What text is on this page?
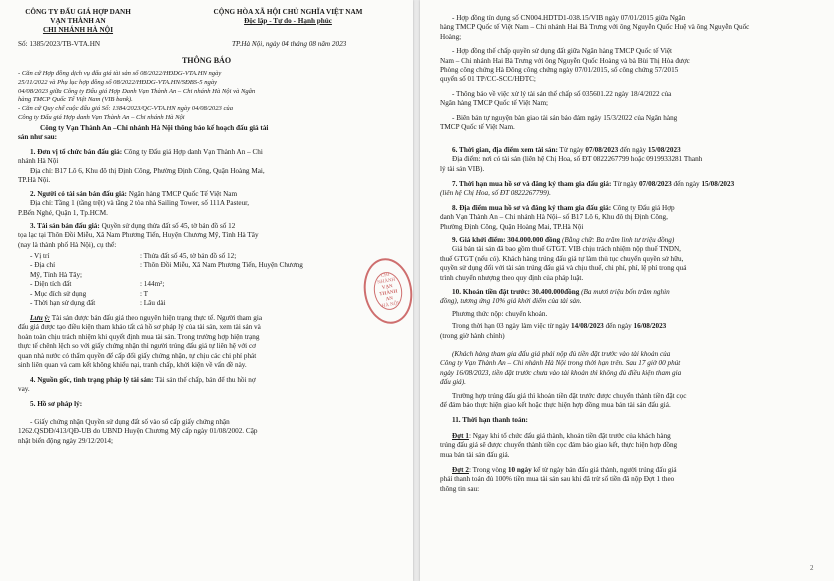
CÔNG TY ĐẤU GIÁ HỢP DANH
VẠN THÀNH AN
CHI NHÁNH HÀ NỘI
Số: 1385/2023/TB-VTA.HN
CỘNG HÒA XÃ HỘI CHỦ NGHĨA VIỆT NAM
Độc lập - Tự do - Hạnh phúc
TP.Hà Nội, ngày 04 tháng 08 năm 2023
THÔNG BÁO
- Căn cứ Hợp đồng dịch vụ đấu giá tài sản số 08/2022/HĐDG-VTA.HN ngày
25/11/2022 và Phụ lục hợp đồng số 08/2022/HĐDG-VTA.HN/SĐBS-5 ngày
04/08/2023 giữa Công ty Đấu giá Hợp Danh Vạn Thành An – Chi nhánh Hà Nội và Ngân
hàng TMCP Quốc Tế Việt Nam (VIB bank).
- Căn cứ Quy chế cuộc đấu giá Số: 1384/2023/QC-VTA.HN ngày 04/08/2023 của
Công ty Đấu giá Hợp danh Vạn Thành An – Chi nhánh Hà Nội
Công ty Vạn Thành An –Chi nhánh Hà Nội thông báo kế hoạch đấu giá tài
sản như sau:
1. Đơn vị tổ chức bán đấu giá: Công ty Đấu giá Hợp danh Vạn Thành An – Chi
nhánh Hà Nội
Địa chỉ: B17 Lô 6, Khu đô thị Định Công, Phường Định Công, Quận Hoàng Mai,
TP.Hà Nội.
2. Người có tài sản bán đấu giá: Ngân hàng TMCP Quốc Tế Việt Nam
Địa chỉ: Tầng 1 (tầng trệt) và tầng 2 tòa nhà Sailing Tower, số 111A Pasteur,
P.Bến Nghé, Quận 1, Tp.HCM.
3. Tài sản bán đấu giá: Quyền sử dụng thửa đất số 45, tờ bản đồ số 12
tọa lạc tại Thôn Đồi Miễu, Xã Nam Phương Tiến, Huyện Chương Mỹ, Tỉnh Hà Tây
(nay là thành phố Hà Nội), cụ thể:
- Vị trí	: Thửa đất số 45, tờ bản đồ số 12;
- Địa chỉ	: Thôn Đồi Miễu, Xã Nam Phương Tiến, Huyện Chương
Mỹ, Tỉnh Hà Tây;
- Diện tích đất	: 144m²;
- Mục đích sử dụng	: T
- Thời hạn sử dụng đất	: Lâu dài
Lưu ý: Tài sản được bán đấu giá theo nguyên hiện trạng thực tế. Người tham gia
đấu giá được tạo điều kiện tham khảo tất cả hồ sơ pháp lý của tài sản, xem tài sản và
hoàn toàn chịu trách nhiệm khi quyết định mua tài sản. Trong trường hợp hiện trạng
thực tế chênh lệch so với giấy chứng nhận thì người trúng đấu giá tự liên hệ với cơ
quan nhà nước có thẩm quyền để cấp đổi giấy chứng nhận, tự chịu các chi phí phát
sinh liên quan và cam kết không khiếu nại, tranh chấp, khởi kiện về vấn đề này.
4. Nguồn gốc, tình trạng pháp lý tài sản: Tài sản thế chấp, bán để thu hồi nợ
vay.
5. Hồ sơ pháp lý:
- Giấy chứng nhận Quyền sử dụng đất số vào sổ cấp giấy chứng nhận
1262.QSDĐ/413/QĐ-UB do UBND Huyện Chương Mỹ cấp ngày 01/08/2002. Cập
nhật biến động ngày 29/12/2014;
CHI NHÁNH
VẠN THÀNH AN
HÀ NỘI
- Hợp đồng tín dụng số CN004.HDTD1-038.15/VIB ngày 07/01/2015 giữa Ngân
hàng TMCP Quốc tế Việt Nam – Chi nhánh Hai Bà Trưng với ông Nguyễn Quốc Huệ và ông Nguyễn Quốc
Hoàng;
- Hợp đồng thế chấp quyền sử dụng đất giữa Ngân hàng TMCP Quốc tế Việt
Nam – Chi nhánh Hai Bà Trưng với ông Nguyễn Quốc Hoàng và bà Bùi Thị Hòa được
Phòng công chứng Hà Đông công chứng ngày 07/01/2015, số công chứng 57/2015
quyển số 01 TP/CC-SCC/HĐTC;
- Thông báo về việc xử lý tài sản thế chấp số 035601.22 ngày 18/4/2022 của
Ngân hàng TMCP Quốc tế Việt Nam;
- Biên bản tự nguyện bàn giao tài sản bảo đảm ngày 15/3/2022 của Ngân hàng
TMCP Quốc tế Việt Nam.
6. Thời gian, địa điểm xem tài sản: Từ ngày 07/08/2023 đến ngày 15/08/2023
Địa điểm: nơi có tài sản (liên hệ Chị Hoa, số ĐT 0822267799 hoặc 0919933281 Thanh
lý tài sản VIB).
7. Thời hạn mua hồ sơ và đăng ký tham gia đấu giá: Từ ngày 07/08/2023 đến ngày 15/08/2023
(liên hệ Chị Hoa, số ĐT 0822267799).
8. Địa điểm mua hồ sơ và đăng ký tham gia đấu giá: Công ty Đấu giá Hợp
danh Vạn Thành An – Chi nhánh Hà Nội– số B17 Lô 6, Khu đô thị Định Công,
Phường Định Công, Quận Hoàng Mai, TP.Hà Nội
9. Giá khởi điểm: 304.000.000 đồng (Bằng chữ: Ba trăm linh tư triệu đồng)
Giá bán tài sản đã bao gồm thuế GTGT. VIB chịu trách nhiệm nộp thuế TNDN,
thuế GTGT (nếu có). Khách hàng trúng đấu giá tự làm thủ tục chuyển quyền sở hữu,
quyền sử dụng đối với tài sản trúng đấu giá và chịu thuế, chi phí, phí, lệ phí trong quá
trình chuyển nhượng theo quy định của pháp luật.
10. Khoản tiền đặt trước: 30.400.000đồng (Ba mươi triệu bốn trăm nghìn
đồng), tương ứng 10% giá khởi điểm của tài sản.
Phương thức nộp: chuyển khoản.
Trong thời hạn 03 ngày làm việc từ ngày 14/08/2023 đến ngày 16/08/2023
(trong giờ hành chính)
(Khách hàng tham gia đấu giá phải nộp đủ tiền đặt trước vào tài khoản của
Công ty Vạn Thành An – Chi nhánh Hà Nội trong thời hạn trên. Sau 17 giờ 00 phút
ngày 16/08/2023, tiền đặt trước chưa vào tài khoản thì không đủ điều kiện tham gia
đấu giá).
Trường hợp trúng đấu giá thì khoản tiền đặt trước được chuyển thành tiền đặt cọc
để đảm bảo thực hiện giao kết hoặc thực hiện hợp đồng mua bán tài sản đấu giá.
11. Thời hạn thanh toán:
Đợt 1: Ngay khi tổ chức đấu giá thành, khoản tiền đặt trước của khách hàng
trúng đấu giá sẽ được chuyển thành tiền cọc đảm bảo giao kết, thực hiện hợp đồng
mua bán tài sản đấu giá.
Đợt 2: Trong vòng 10 ngày kể từ ngày bán đấu giá thành, người trúng đấu giá
phải thanh toán đủ 100% tiền mua tài sản sau khi đã trừ số tiền đã nộp Đợt 1 theo
thông tin sau:
2
